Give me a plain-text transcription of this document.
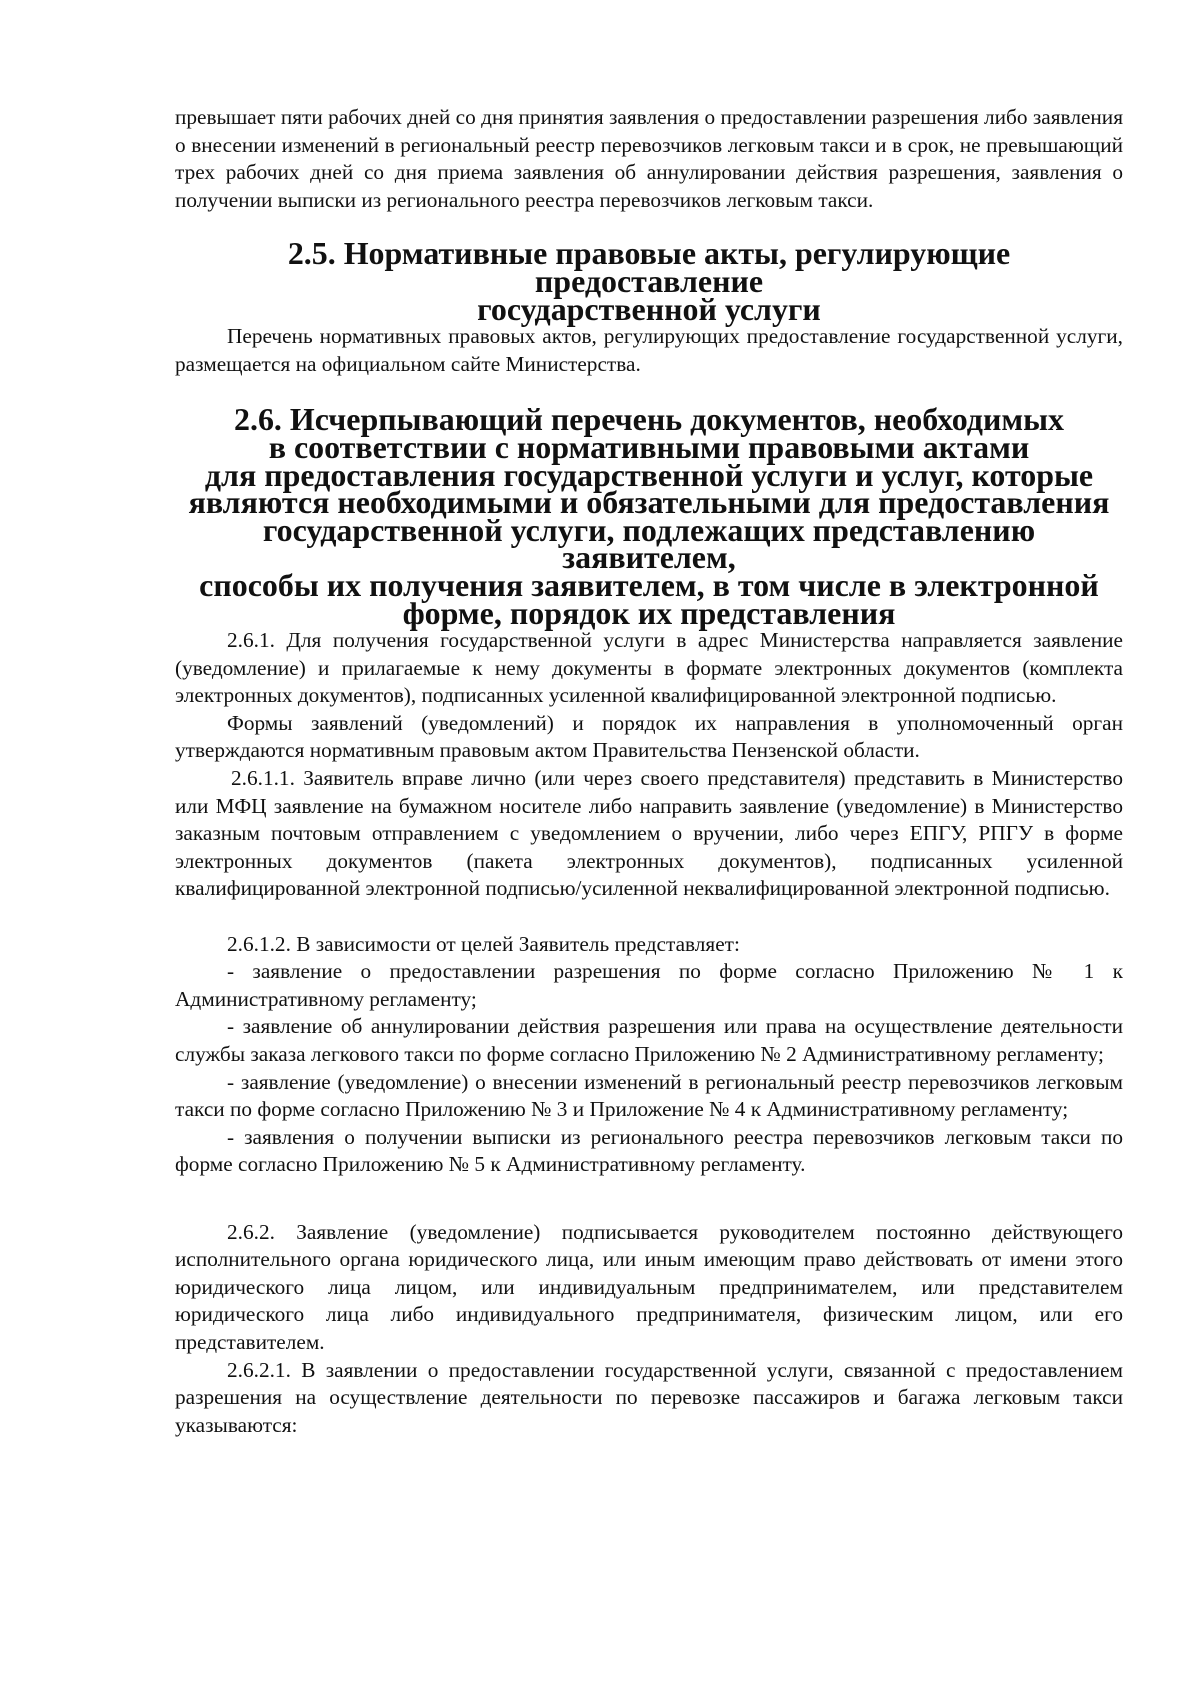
превышает пяти рабочих дней со дня принятия заявления о предоставлении разрешения либо заявления о внесении изменений в региональный реестр перевозчиков легковым такси и в срок, не превышающий трех рабочих дней со дня приема заявления об аннулировании действия разрешения, заявления о получении выписки из регионального реестра перевозчиков легковым такси.

2.5. Нормативные правовые акты, регулирующие предоставление
государственной услуги

Перечень нормативных правовых актов, регулирующих предоставление государственной услуги, размещается на официальном сайте Министерства.

2.6. Исчерпывающий перечень документов, необходимых
в соответствии с нормативными правовыми актами
для предоставления государственной услуги и услуг, которые
являются необходимыми и обязательными для предоставления
государственной услуги, подлежащих представлению заявителем,
способы их получения заявителем, в том числе в электронной
форме, порядок их представления

2.6.1. Для получения государственной услуги в адрес Министерства направляется заявление (уведомление) и прилагаемые к нему документы в формате электронных документов (комплекта электронных документов), подписанных усиленной квалифицированной электронной подписью.

Формы заявлений (уведомлений) и порядок их направления в уполномоченный орган утверждаются нормативным правовым актом Правительства Пензенской области.

2.6.1.1. Заявитель вправе лично (или через своего представителя) представить в Министерство или МФЦ заявление на бумажном носителе либо направить заявление (уведомление) в Министерство заказным почтовым отправлением с уведомлением о вручении, либо через ЕПГУ, РПГУ в форме электронных документов (пакета электронных документов), подписанных усиленной квалифицированной электронной подписью/усиленной неквалифицированной электронной подписью.

2.6.1.2. В зависимости от целей Заявитель представляет:

- заявление о предоставлении разрешения по форме согласно Приложению № 1 к Административному регламенту;

- заявление об аннулировании действия разрешения или права на осуществление деятельности службы заказа легкового такси по форме согласно Приложению № 2 Административному регламенту;

- заявление (уведомление) о внесении изменений в региональный реестр перевозчиков легковым такси по форме согласно Приложению № 3 и Приложение № 4 к Административному регламенту;

- заявления о получении выписки из регионального реестра перевозчиков легковым такси по форме согласно Приложению № 5 к Административному регламенту.

2.6.2. Заявление (уведомление) подписывается руководителем постоянно действующего исполнительного органа юридического лица, или иным имеющим право действовать от имени этого юридического лица лицом, или индивидуальным предпринимателем, или представителем юридического лица либо индивидуального предпринимателя, физическим лицом, или его представителем.

2.6.2.1. В заявлении о предоставлении государственной услуги, связанной с предоставлением разрешения на осуществление деятельности по перевозке пассажиров и багажа легковым такси указываются:
